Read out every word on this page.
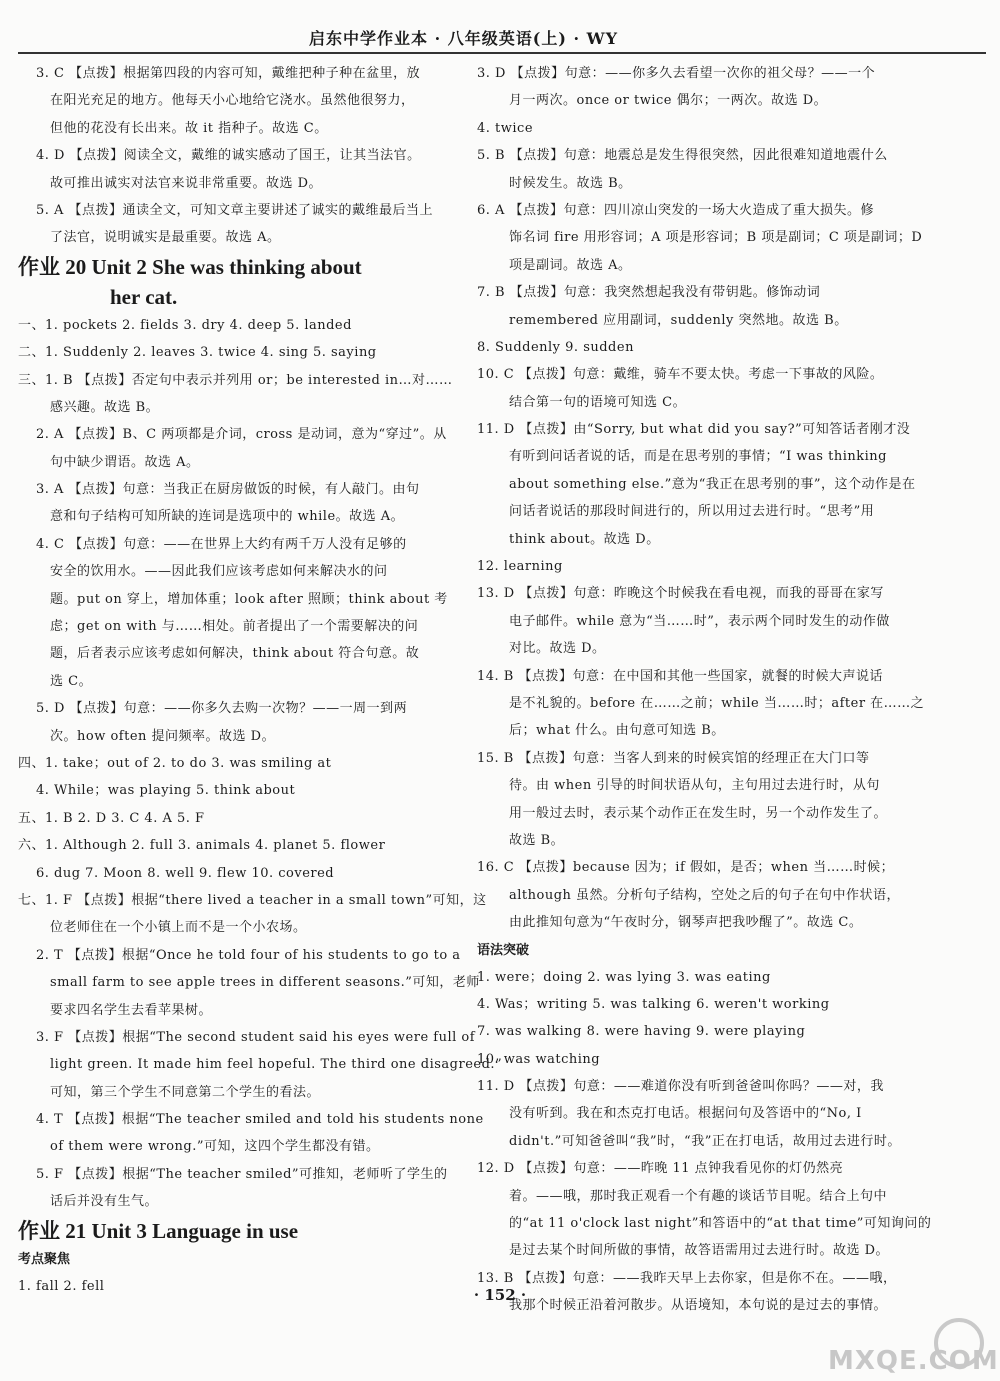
启东中学作业本 · 八年级英语(上) · WY
3. C 【点拨】根据第四段的内容可知，戴维把种子种在盆里，放
在阳光充足的地方。他每天小心地给它浇水。虽然他很努力，
但他的花没有长出来。故 it 指种子。故选 C。
4. D 【点拨】阅读全文，戴维的诚实感动了国王，让其当法官。
故可推出诚实对法官来说非常重要。故选 D。
5. A 【点拨】通读全文，可知文章主要讲述了诚实的戴维最后当上
了法官，说明诚实是最重要。故选 A。
作业 20 Unit 2 She was thinking about
her cat.
一、1. pockets 2. fields 3. dry 4. deep 5. landed
二、1. Suddenly 2. leaves 3. twice 4. sing 5. saying
三、1. B 【点拨】否定句中表示并列用 or；be interested in…对……
感兴趣。故选 B。
2. A 【点拨】B、C 两项都是介词，cross 是动词，意为“穿过”。从
句中缺少谓语。故选 A。
3. A 【点拨】句意：当我正在厨房做饭的时候，有人敲门。由句
意和句子结构可知所缺的连词是选项中的 while。故选 A。
4. C 【点拨】句意：——在世界上大约有两千万人没有足够的
安全的饮用水。——因此我们应该考虑如何来解决水的问
题。put on 穿上，增加体重；look after 照顾；think about 考
虑；get on with 与……相处。前者提出了一个需要解决的问
题，后者表示应该考虑如何解决，think about 符合句意。故
选 C。
5. D 【点拨】句意：——你多久去购一次物？——一周一到两
次。how often 提问频率。故选 D。
四、1. take；out of 2. to do 3. was smiling at
4. While；was playing 5. think about
五、1. B 2. D 3. C 4. A 5. F
六、1. Although 2. full 3. animals 4. planet 5. flower
6. dug 7. Moon 8. well 9. flew 10. covered
七、1. F 【点拨】根据“there lived a teacher in a small town”可知，这
位老师住在一个小镇上而不是一个小农场。
2. T 【点拨】根据“Once he told four of his students to go to a
small farm to see apple trees in different seasons.”可知，老师
要求四名学生去看苹果树。
3. F 【点拨】根据“The second student said his eyes were full of
light green. It made him feel hopeful. The third one disagreed.”
可知，第三个学生不同意第二个学生的看法。
4. T 【点拨】根据“The teacher smiled and told his students none
of them were wrong.”可知，这四个学生都没有错。
5. F 【点拨】根据“The teacher smiled”可推知，老师听了学生的
话后并没有生气。
作业 21 Unit 3 Language in use
考点聚焦
1. fall 2. fell
3. D 【点拨】句意：——你多久去看望一次你的祖父母？——一个
月一两次。once or twice 偶尔；一两次。故选 D。
4. twice
5. B 【点拨】句意：地震总是发生得很突然，因此很难知道地震什么
时候发生。故选 B。
6. A 【点拨】句意：四川凉山突发的一场大火造成了重大损失。修
饰名词 fire 用形容词；A 项是形容词；B 项是副词；C 项是副词；D
项是副词。故选 A。
7. B 【点拨】句意：我突然想起我没有带钥匙。修饰动词
remembered 应用副词，suddenly 突然地。故选 B。
8. Suddenly 9. sudden
10. C 【点拨】句意：戴维，骑车不要太快。考虑一下事故的风险。
结合第一句的语境可知选 C。
11. D 【点拨】由“Sorry, but what did you say?”可知答话者刚才没
有听到问话者说的话，而是在思考别的事情；“I was thinking
about something else.”意为“我正在思考别的事”，这个动作是在
问话者说话的那段时间进行的，所以用过去进行时。“思考”用
think about。故选 D。
12. learning
13. D 【点拨】句意：昨晚这个时候我在看电视，而我的哥哥在家写
电子邮件。while 意为“当……时”，表示两个同时发生的动作做
对比。故选 D。
14. B 【点拨】句意：在中国和其他一些国家，就餐的时候大声说话
是不礼貌的。before 在……之前；while 当……时；after 在……之
后；what 什么。由句意可知选 B。
15. B 【点拨】句意：当客人到来的时候宾馆的经理正在大门口等
待。由 when 引导的时间状语从句，主句用过去进行时，从句
用一般过去时，表示某个动作正在发生时，另一个动作发生了。
故选 B。
16. C 【点拨】because 因为；if 假如，是否；when 当……时候；
although 虽然。分析句子结构，空处之后的句子在句中作状语，
由此推知句意为“午夜时分，钢琴声把我吵醒了”。故选 C。
语法突破
1. were；doing 2. was lying 3. was eating
4. Was；writing 5. was talking 6. weren't working
7. was walking 8. were having 9. were playing
10. was watching
11. D 【点拨】句意：——难道你没有听到爸爸叫你吗？——对，我
没有听到。我在和杰克打电话。根据问句及答语中的“No, I
didn't.”可知爸爸叫“我”时，“我”正在打电话，故用过去进行时。
12. D 【点拨】句意：——昨晚 11 点钟我看见你的灯仍然亮
着。——哦，那时我正观看一个有趣的谈话节目呢。结合上句中
的“at 11 o'clock last night”和答语中的“at that time”可知询问的
是过去某个时间所做的事情，故答语需用过去进行时。故选 D。
13. B 【点拨】句意：——我昨天早上去你家，但是你不在。——哦，
我那个时候正沿着河散步。从语境知，本句说的是过去的事情。
· 152 ·
MXQE.COM
